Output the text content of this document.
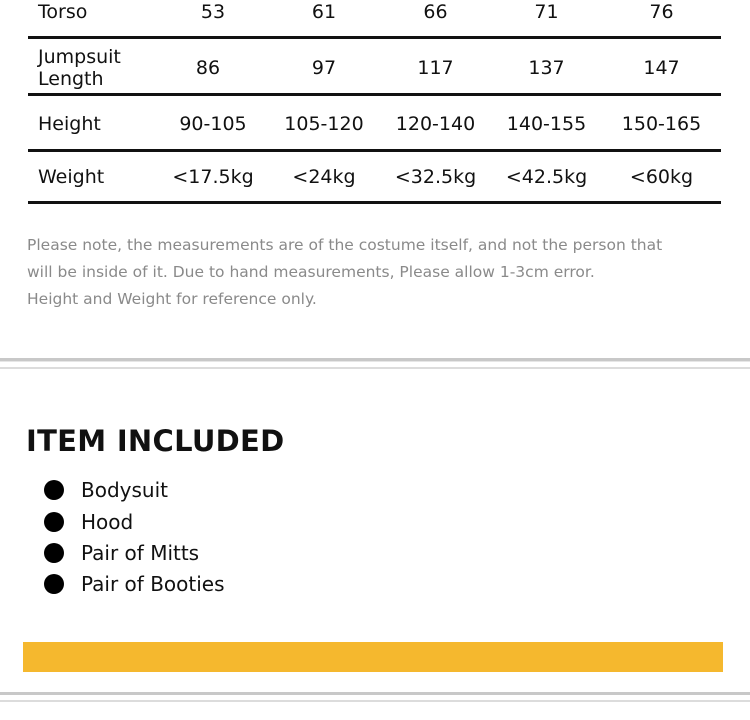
Torso	53	61	66	71	76
Jumpsuit Length	86	97	117	137	147
Height	90-105	105-120	120-140	140-155	150-165
Weight	<17.5kg	<24kg	<32.5kg	<42.5kg	<60kg
Please note, the measurements are of the costume itself, and not the person that
will be inside of it. Due to hand measurements, Please allow 1-3cm error.
Height and Weight for reference only.
ITEM INCLUDED
Bodysuit
Hood
Pair of Mitts
Pair of Booties
